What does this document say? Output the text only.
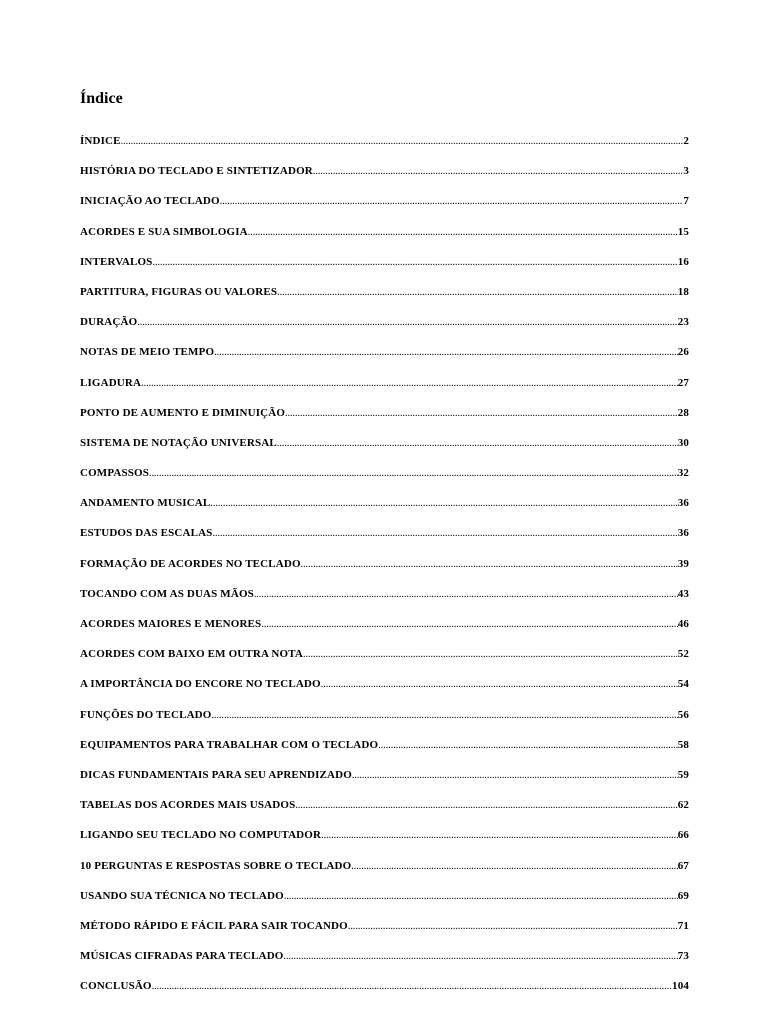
Índice
ÍNDICE .....	2
HISTÓRIA DO TECLADO E SINTETIZADOR .....	3
INICIAÇÃO AO TECLADO .....	7
ACORDES E SUA SIMBOLOGIA .....	15
INTERVALOS .....	16
PARTITURA, FIGURAS OU VALORES .....	18
DURAÇÃO .....	23
NOTAS DE MEIO TEMPO .....	26
LIGADURA .....	27
PONTO DE AUMENTO E DIMINUIÇÃO .....	28
SISTEMA DE NOTAÇÃO UNIVERSAL .....	30
COMPASSOS .....	32
ANDAMENTO MUSICAL .....	36
ESTUDOS DAS ESCALAS .....	36
FORMAÇÃO DE ACORDES NO TECLADO .....	39
TOCANDO COM AS DUAS MÃOS .....	43
ACORDES MAIORES E MENORES .....	46
ACORDES COM BAIXO EM OUTRA NOTA .....	52
A IMPORTÂNCIA DO ENCORE NO TECLADO .....	54
FUNÇÕES DO TECLADO .....	56
EQUIPAMENTOS PARA TRABALHAR COM O TECLADO .....	58
DICAS FUNDAMENTAIS PARA SEU APRENDIZADO .....	59
TABELAS DOS ACORDES MAIS USADOS .....	62
LIGANDO SEU TECLADO NO COMPUTADOR .....	66
10 PERGUNTAS E RESPOSTAS SOBRE O TECLADO .....	67
USANDO SUA TÉCNICA NO TECLADO .....	69
MÉTODO RÁPIDO E FÁCIL PARA SAIR TOCANDO .....	71
MÚSICAS CIFRADAS PARA TECLADO .....	73
CONCLUSÃO .....	104
